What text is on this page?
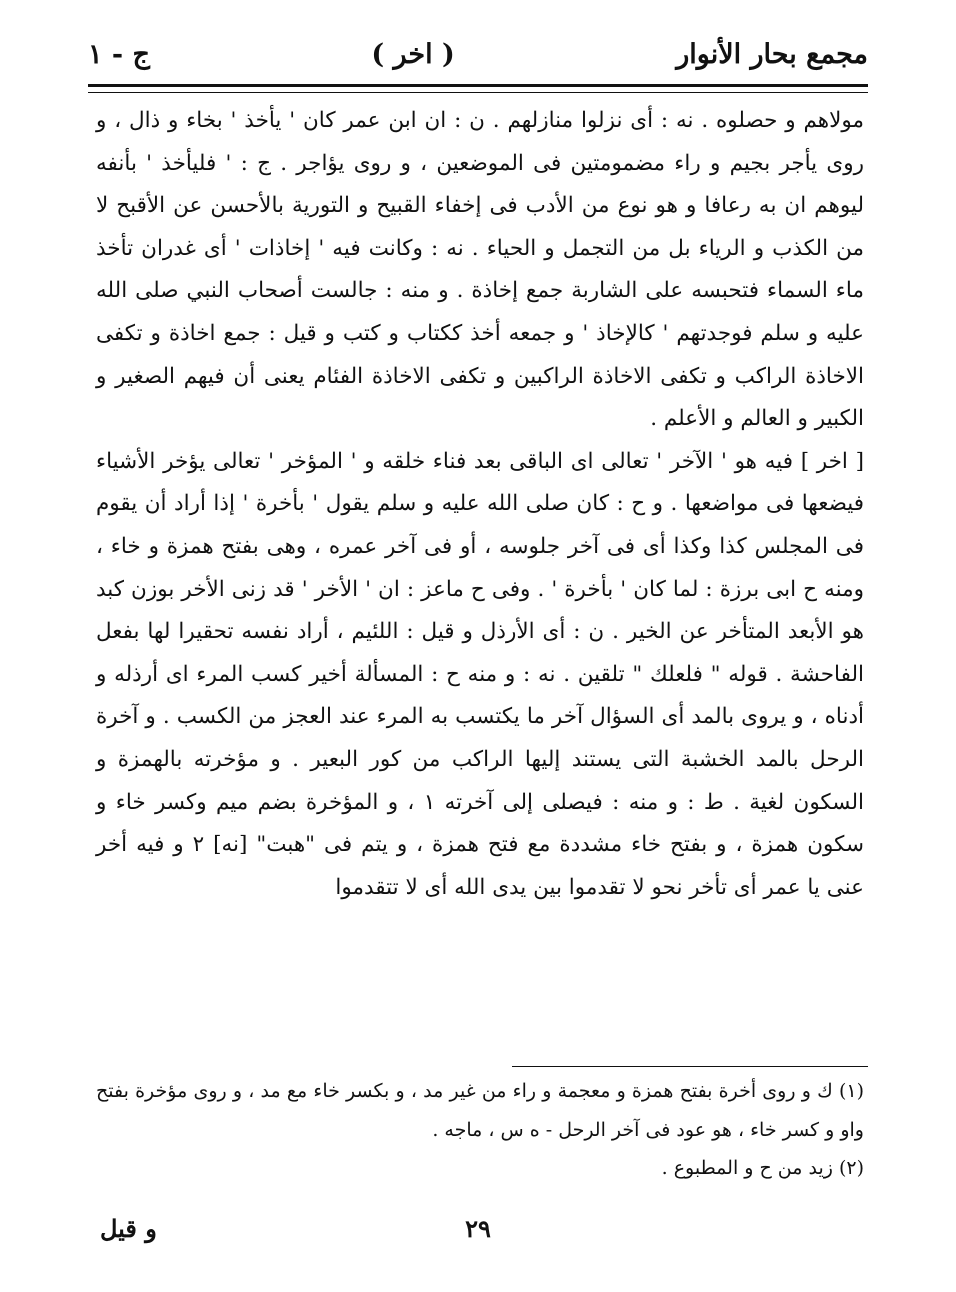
مجمع بحار الأنوار
( اخر )
ج - ١

مولاهم و حصلوه . نه : أى نزلوا منازلهم . ن : ان ابن عمر كان ' يأخذ ' بخاء و ذال ، و روى يأجر بجيم و راء مضمومتين فى الموضعين ، و روى يؤاجر . ج : ' فليأخذ ' بأنفه ليوهم ان به رعافا و هو نوع من الأدب فى إخفاء القبيح و التورية بالأحسن عن الأقبح لا من الكذب و الرياء بل من التجمل و الحياء . نه : وكانت فيه ' إخاذات ' أى غدران تأخذ ماء السماء فتحبسه على الشاربة جمع إخاذة . و منه : جالست أصحاب النبي صلى الله عليه و سلم فوجدتهم ' كالإخاذ ' و جمعه أخذ ككتاب و كتب و قيل : جمع اخاذة و تكفى الاخاذة الراكب و تكفى الاخاذة الراكبين و تكفى الاخاذة الفئام يعنى أن فيهم الصغير و الكبير و العالم و الأعلم .

[ اخر ] فيه هو ' الآخر ' تعالى اى الباقى بعد فناء خلقه و ' المؤخر ' تعالى يؤخر الأشياء فيضعها فى مواضعها . و ح : كان صلى الله عليه و سلم يقول ' بأخرة ' إذا أراد أن يقوم فى المجلس كذا وكذا أى فى آخر جلوسه ، أو فى آخر عمره ، وهى بفتح همزة و خاء ، ومنه ح ابى برزة : لما كان ' بأخرة ' . وفى ح ماعز : ان ' الأخر ' قد زنى الأخر بوزن كبد هو الأبعد المتأخر عن الخير . ن : أى الأرذل و قيل : اللئيم ، أراد نفسه تحقيرا لها بفعل الفاحشة . قوله " فلعلك " تلقين . نه : و منه ح : المسألة أخير كسب المرء اى أرذله و أدناه ، و يروى بالمد أى السؤال آخر ما يكتسب به المرء عند العجز من الكسب . و آخرة الرحل بالمد الخشبة التى يستند إليها الراكب من كور البعير . و مؤخرته بالهمزة و السكون لغية . ط : و منه : فيصلى إلى آخرته ١ ، و المؤخرة بضم ميم وكسر خاء و سكون همزة ، و بفتح خاء مشددة مع فتح همزة ، و يتم فى "هبت" [نه] ٢ و فيه أخر عنى يا عمر أى تأخر نحو لا تقدموا بين يدى الله أى لا تتقدموا

(١) ك و روى أخرة بفتح همزة و معجمة و راء من غير مد ، و بكسر خاء مع مد ، و روى مؤخرة بفتح واو و كسر خاء ، هو عود فى آخر الرحل - ه س ، ماجه .

(٢) زيد من ح و المطبوع .

٢٩
و قيل
